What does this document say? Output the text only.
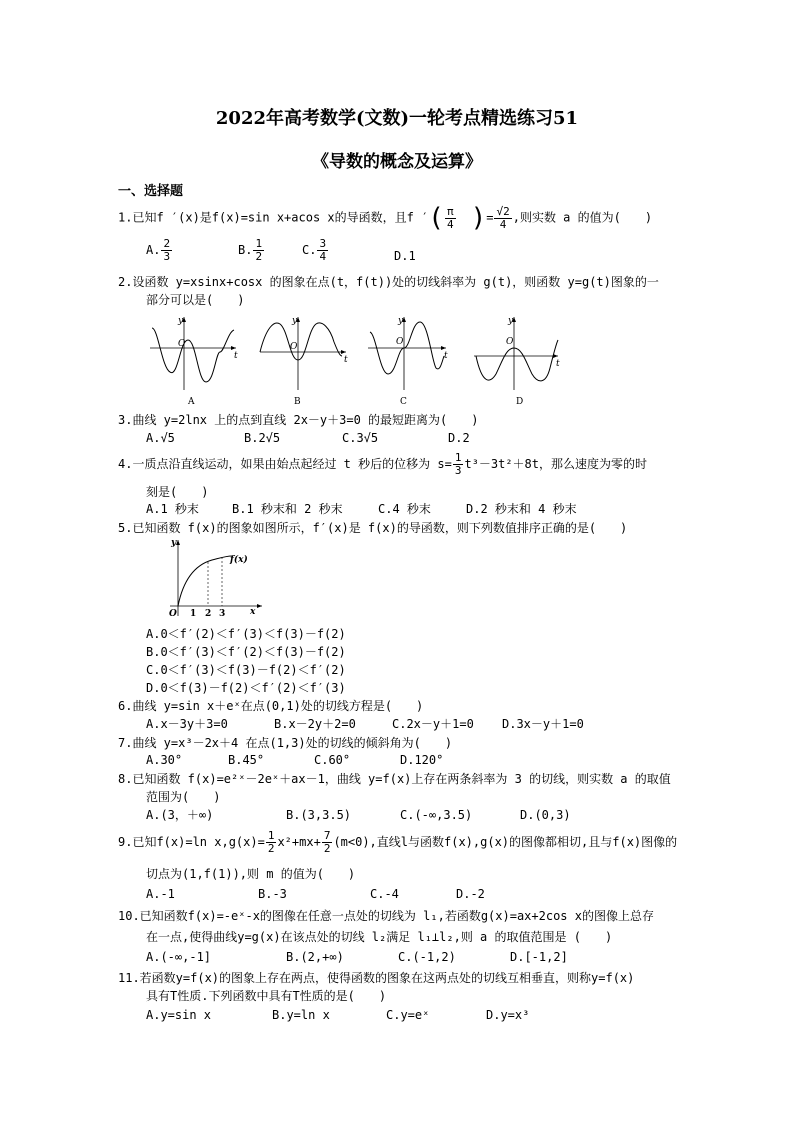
2022年高考数学(文数)一轮考点精选练习51
《导数的概念及运算》
一、选择题
1.已知f ′(x)是f(x)=sin x+acos x的导函数，且f ′( $\frac{\pi}{4}$ )= $\frac{√2}{4}$ ,则实数 a 的值为(　　)
A. $\frac{2}{3}$	B. $\frac{1}{2}$	C. $\frac{3}{4}$	D.1
2.设函数 y=xsinx+cosx 的图象在点(t，f(t))处的切线斜率为 g(t)，则函数 y=g(t)图象的一
部分可以是(　　)
y
O
t
A
y
O
t
B
y
O
t
C
y
O
t
D
3.曲线 y=2lnx 上的点到直线 2x－y＋3=0 的最短距离为(　　)
A.√5	B.2√5	C.3√5	D.2
4.一质点沿直线运动，如果由始点起经过 t 秒后的位移为 $s= \frac{1}{3} t^3-3t^2+8t$，那么速度为零的时
刻是(　　)
A.1 秒末	B.1 秒末和 2 秒末	C.4 秒末	D.2 秒末和 4 秒末
5.已知函数 f(x)的图象如图所示，f′(x)是 f(x)的导函数，则下列数值排序正确的是(　　)
y
O
f(x)
1 2 3	x
A.0＜f′(2)＜f′(3)＜f(3)－f(2)
B.0＜f′(3)＜f′(2)＜f(3)－f(2)
C.0＜f′(3)＜f(3)－f(2)＜f′(2)
D.0＜f(3)－f(2)＜f′(2)＜f′(3)
6.曲线 y=sin x＋eˣ在点(0,1)处的切线方程是(　　)
A.x－3y＋3=0	B.x－2y＋2=0	C.2x－y＋1=0 D.3x－y＋1=0
7.曲线 y=x³－2x＋4 在点(1,3)处的切线的倾斜角为(　　)
A.30°	B.45°	C.60°	D.120°
8.已知函数 f(x)=e²ˣ－2eˣ＋ax－1，曲线 y=f(x)上存在两条斜率为 3 的切线，则实数 a 的取值
范围为(　　)
A.(3，＋∞)	B.(3,3.5)	C.(-∞,3.5)	D.(0,3)
9.已知f(x)=ln $x,g(x)= \frac{1}{2} x^2+mx+ \frac{7}{2} (m<0)$,直线l与函数f(x),g(x)的图像都相切,且与f(x)图像的
切点为(1,f(1)),则 m 的值为(　　)
A.-1	B.-3	C.-4	D.-2
10.已知函数f(x)=-eˣ-x的图像在任意一点处的切线为 l₁,若函数g(x)=ax+2cos x的图像上总存
在一点,使得曲线y=g(x)在该点处的切线 l₂满足 l₁⊥l₂,则 a 的取值范围是 (　　)
A.(-∞,-1]	B.(2,+∞)	C.(-1,2)	D.[-1,2]
11.若函数y=f(x)的图象上存在两点，使得函数的图象在这两点处的切线互相垂直，则称y=f(x)
具有T性质.下列函数中具有T性质的是(　　)
A.y=sin x	B.y=ln x	C.y=eˣ	D.y=x³
